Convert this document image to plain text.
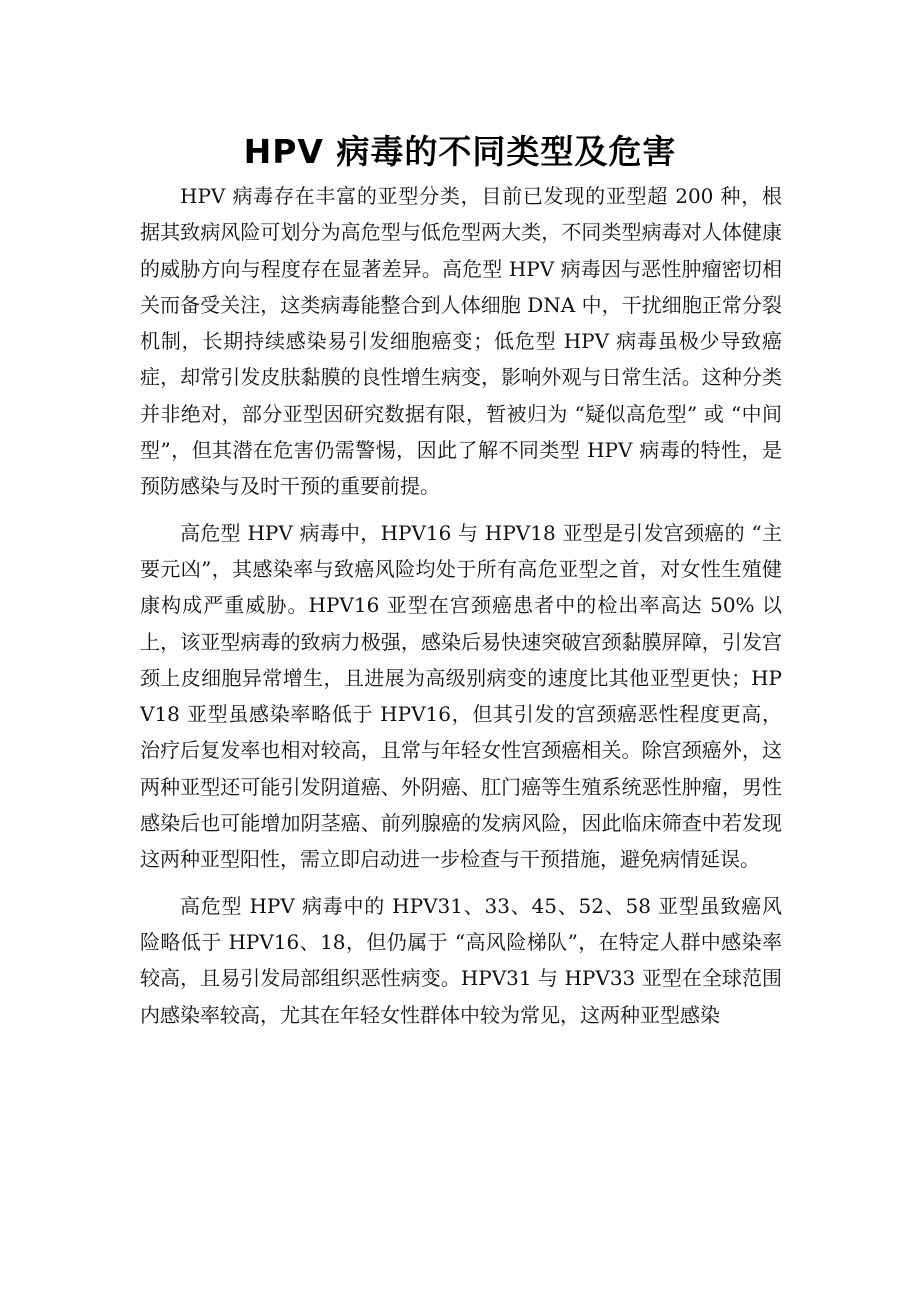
HPV 病毒的不同类型及危害

HPV 病毒存在丰富的亚型分类，目前已发现的亚型超 200 种，根据其致病风险可划分为高危型与低危型两大类，不同类型病毒对人体健康的威胁方向与程度存在显著差异。高危型 HPV 病毒因与恶性肿瘤密切相关而备受关注，这类病毒能整合到人体细胞 DNA 中，干扰细胞正常分裂机制，长期持续感染易引发细胞癌变；低危型 HPV 病毒虽极少导致癌症，却常引发皮肤黏膜的良性增生病变，影响外观与日常生活。这种分类并非绝对，部分亚型因研究数据有限，暂被归为 “疑似高危型” 或 “中间型”，但其潜在危害仍需警惕，因此了解不同类型 HPV 病毒的特性，是预防感染与及时干预的重要前提。

高危型 HPV 病毒中，HPV16 与 HPV18 亚型是引发宫颈癌的 “主要元凶”，其感染率与致癌风险均处于所有高危亚型之首，对女性生殖健康构成严重威胁。HPV16 亚型在宫颈癌患者中的检出率高达 50% 以上，该亚型病毒的致病力极强，感染后易快速突破宫颈黏膜屏障，引发宫颈上皮细胞异常增生，且进展为高级别病变的速度比其他亚型更快；HPV18 亚型虽感染率略低于 HPV16，但其引发的宫颈癌恶性程度更高，治疗后复发率也相对较高，且常与年轻女性宫颈癌相关。除宫颈癌外，这两种亚型还可能引发阴道癌、外阴癌、肛门癌等生殖系统恶性肿瘤，男性感染后也可能增加阴茎癌、前列腺癌的发病风险，因此临床筛查中若发现这两种亚型阳性，需立即启动进一步检查与干预措施，避免病情延误。

高危型 HPV 病毒中的 HPV31、33、45、52、58 亚型虽致癌风险略低于 HPV16、18，但仍属于 “高风险梯队”，在特定人群中感染率较高，且易引发局部组织恶性病变。HPV31 与 HPV33 亚型在全球范围内感染率较高，尤其在年轻女性群体中较为常见，这两种亚型感染
